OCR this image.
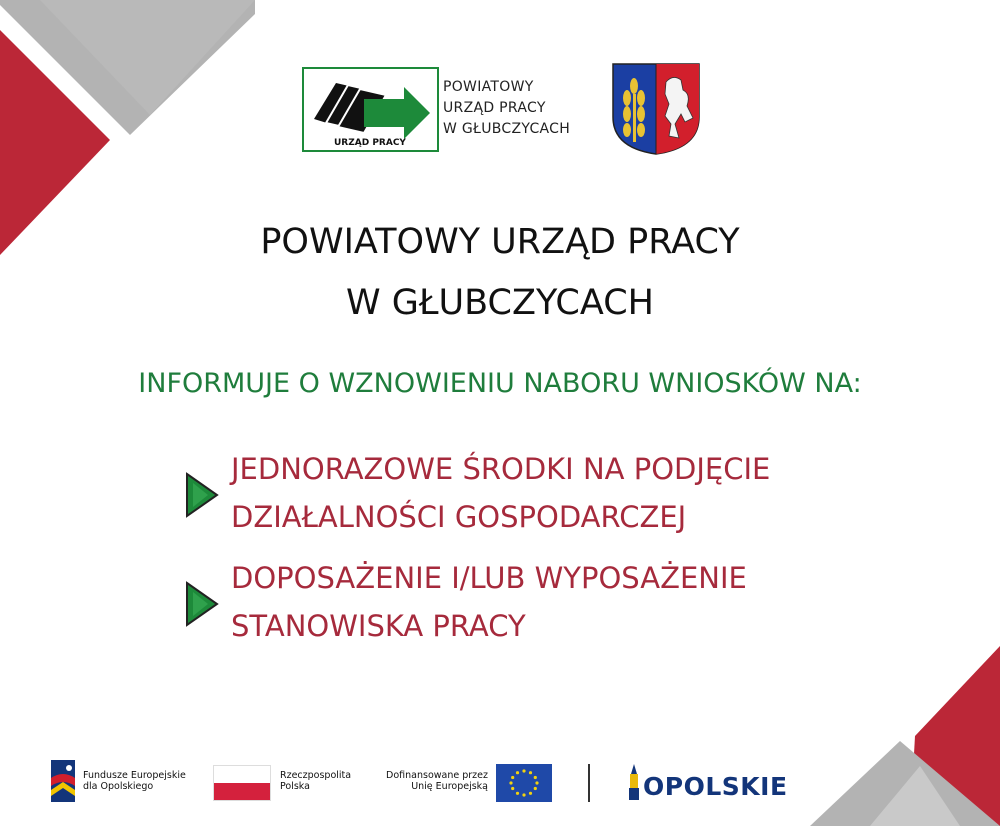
URZĄD PRACY
POWIATOWY
URZĄD PRACY
W GŁUBCZYCACH
POWIATOWY URZĄD PRACY
W GŁUBCZYCACH
INFORMUJE O WZNOWIENIU NABORU WNIOSKÓW NA:
JEDNORAZOWE ŚRODKI NA PODJĘCIE
DZIAŁALNOŚCI GOSPODARCZEJ
DOPOSAŻENIE I/LUB WYPOSAŻENIE
STANOWISKA PRACY
Fundusze Europejskie
dla Opolskiego
Rzeczpospolita
Polska
Dofinansowane przez
Unię Europejską	OPOLSKIE
